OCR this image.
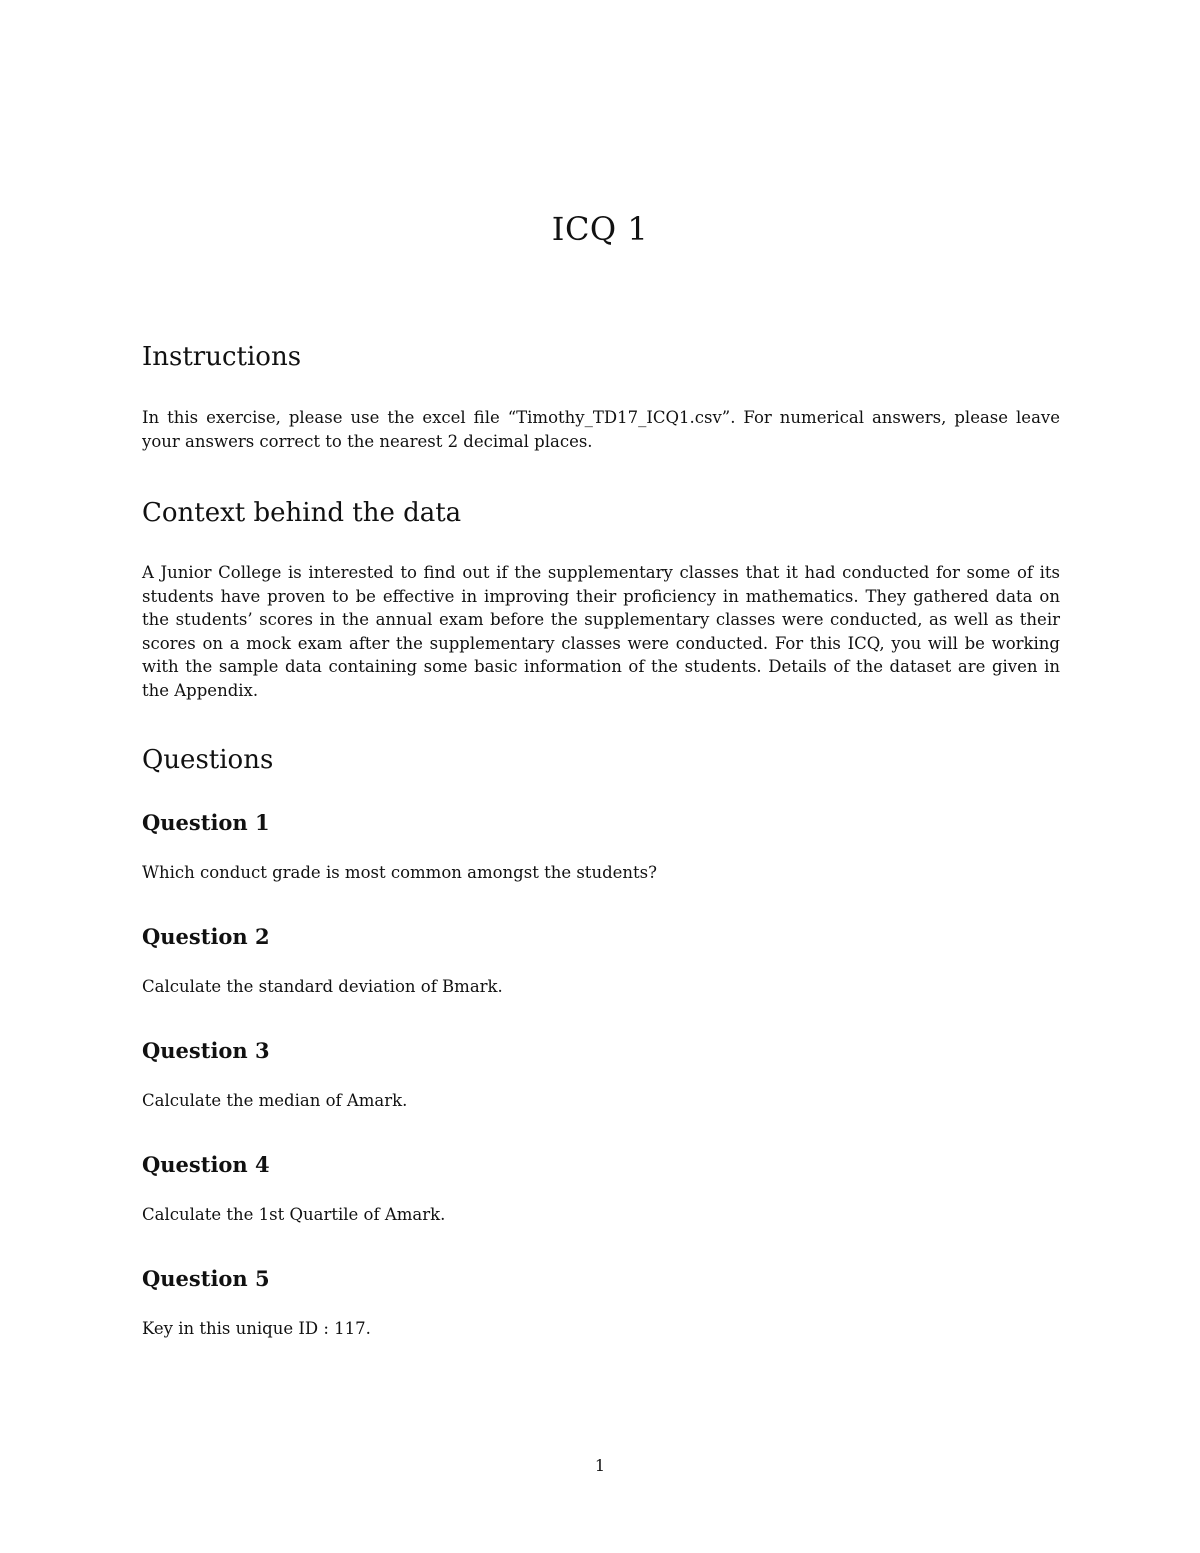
ICQ 1
Instructions

In this exercise, please use the excel file “Timothy_TD17_ICQ1.csv”. For numerical answers, please leave your answers correct to the nearest 2 decimal places.

Context behind the data

A Junior College is interested to find out if the supplementary classes that it had conducted for some of its students have proven to be effective in improving their proficiency in mathematics. They gathered data on the students’ scores in the annual exam before the supplementary classes were conducted, as well as their scores on a mock exam after the supplementary classes were conducted. For this ICQ, you will be working with the sample data containing some basic information of the students. Details of the dataset are given in the Appendix.

Questions
Question 1

Which conduct grade is most common amongst the students?

Question 2

Calculate the standard deviation of Bmark.

Question 3

Calculate the median of Amark.

Question 4

Calculate the 1st Quartile of Amark.

Question 5

Key in this unique ID : 117.

1
